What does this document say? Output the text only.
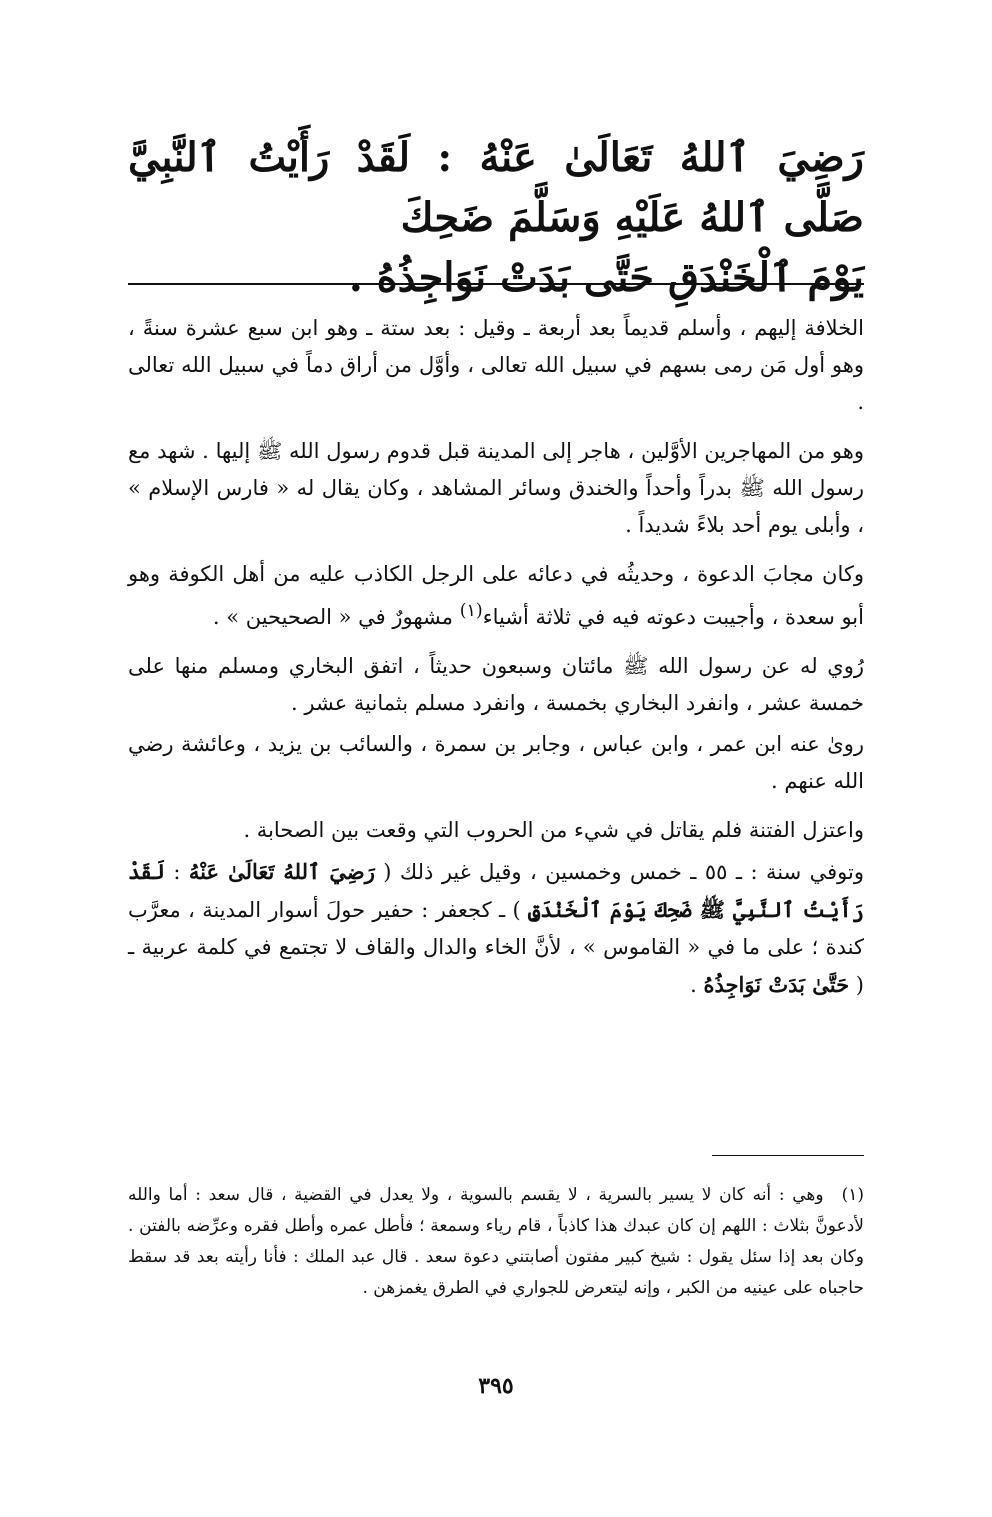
رَضِيَ ٱللهُ تَعَالَىٰ عَنْهُ : لَقَدْ رَأَيْتُ ٱلنَّبِيَّ صَلَّى ٱللهُ عَلَيْهِ وَسَلَّمَ ضَحِكَ

يَوْمَ ٱلْخَنْدَقِ حَتَّى بَدَتْ نَوَاجِذُهُ .

الخلافة إليهم ، وأسلم قديماً بعد أربعة ـ وقيل : بعد ستة ـ وهو ابن سبع عشرة سنةً ، وهو أول مَن رمى بسهم في سبيل الله تعالى ، وأوَّل من أراق دماً في سبيل الله تعالى .

وهو من المهاجرين الأوَّلين ، هاجر إلى المدينة قبل قدوم رسول الله ﷺ إليها . شهد مع رسول الله ﷺ بدراً وأحداً والخندق وسائر المشاهد ، وكان يقال له « فارس الإسلام » ، وأبلى يوم أحد بلاءً شديداً .

وكان مجابَ الدعوة ، وحديثُه في دعائه على الرجل الكاذب عليه من أهل الكوفة وهو أبو سعدة ، وأجيبت دعوته فيه في ثلاثة أشياء$^{(١)}$ مشهورٌ في « الصحيحين » .

رُوي له عن رسول الله ﷺ مائتان وسبعون حديثاً ، اتفق البخاري ومسلم منها على خمسة عشر ، وانفرد البخاري بخمسة ، وانفرد مسلم بثمانية عشر .

روىٰ عنه ابن عمر ، وابن عباس ، وجابر بن سمرة ، والسائب بن يزيد ، وعائشة رضي الله عنهم .

واعتزل الفتنة فلم يقاتل في شيء من الحروب التي وقعت بين الصحابة .

وتوفي سنة : ـ ٥٥ ـ خمس وخمسين ، وقيل غير ذلك ( رَضِيَ ٱللهُ تَعَالَىٰ عَنْهُ : لَقَدْ رَأَيْتُ ٱلنَّبِيَّ ﷺ ضَحِكَ يَوْمَ ٱلْخَنْدَقِ ) ـ كجعفر : حفير حولَ أسوار المدينة ، معرَّب كندة ؛ على ما في « القاموس » ، لأنَّ الخاء والدال والقاف لا تجتمع في كلمة عربية ـ ( حَتَّىٰ بَدَتْ نَوَاجِذُهُ .

(١)وهي : أنه كان لا يسير بالسرية ، لا يقسم بالسوية ، ولا يعدل في القضية ، قال سعد : أما والله لأدعونَّ بثلاث : اللهم إن كان عبدك هذا كاذباً ، قام رياء وسمعة ؛ فأطل عمره وأطل فقره وعرِّضه بالفتن . وكان بعد إذا سئل يقول : شيخ كبير مفتون أصابتني دعوة سعد . قال عبد الملك : فأنا رأيته بعد قد سقط حاجباه على عينيه من الكبر ، وإنه ليتعرض للجواري في الطرق يغمزهن .

٣٩٥
